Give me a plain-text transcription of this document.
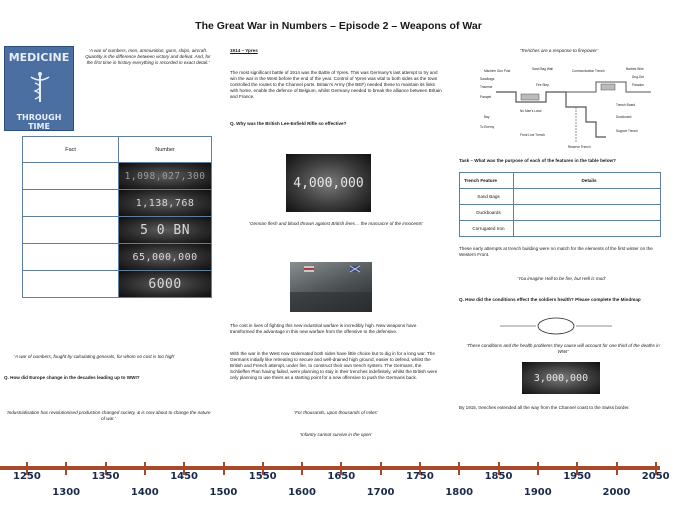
The Great War in Numbers – Episode 2 – Weapons of War
MEDICINE
THROUGH TIME
‘A war of numbers, men, ammunition, guns, ships, aircraft. Quantity is the difference between victory and defeat. And, for the first time in history everything is recorded in exact detail.’
Fact	Number

1,098,027,300

1,138,768

5 0 BN

65,000,000

6000
‘A war of numbers, fought by calculating generals, for whom no cost is too high’
Q. How did Europe change in the decades leading up to WWI?
‘Industrialisation has revolutionised production changed society, & is now about to change the nature of war.’
1914 – Ypres
The most significant battle of 1914 was the Battle of Ypres. This was Germany’s last attempt to try and win the war in the West before the end of the year. Control of Ypres was vital to both sides as the town controlled the routes to the Channel ports. Britain’s Army (the BEF) needed these to maintain its links with home, enable the defence of Belgium, whilst Germany needed to break the alliance between Britain and France.
Q. Why was the British Lee-Enfield Rifle so effective?
4,000,000
‘German flesh and blood thrown against British lines… the massacre of the innocents’
The cost in lives of fighting this new industrial warfare is incredibly high. New weapons have transformed the advantage in this new warfare from the offensive to the defensive.
With the war in the West now stalemated both sides have little choice but to dig in for a long war. The Germans initially like retreating to secure and well-drained high ground, easier to defend, whilst the British and French attempt, under fire, to construct their own trench system. The Germans, the Schlieffen Plan having failed, were planning to stay in their trenches indefinitely, whilst the British were only planning to use theirs as a starting point for a new offensive to push the Germans back.
‘For thousands, upon thousands of miles’
‘Infantry cannot survive in the open’
‘Trenches are a response to firepower’
Machine Gun Post	Sand Bag Wall	Communication Trench	Barbed Wire
Sandbags	Dug-Out
Traverse	Fire Step	Parados
Parapet
No Man's Land
Trench Board
Bay	Duckboard
To Enemy
Front Line Trench
Support Trench
Reserve Trench
Task – What was the purpose of each of the features in the table below?
Trench Feature	Details
Sand Bags	
Duckboards	
Corrugated Iron	
These early attempts at trench building were no match for the elements of the first winter on the Western Front.
‘You imagine Hell to be fire, but Hell is mud’
Q. How did the conditions effect the soldiers health? Please complete the Mindmap
‘These conditions and the health problems they cause will account for one third of the deaths in WWI’
3,000,000
By 1915, trenches extended all the way from the Channel coast to the Swiss border.
1250	1350	1450	1550	1650	1750	1850	1950	2050
1300	1400	1500	1600	1700	1800	1900	2000
